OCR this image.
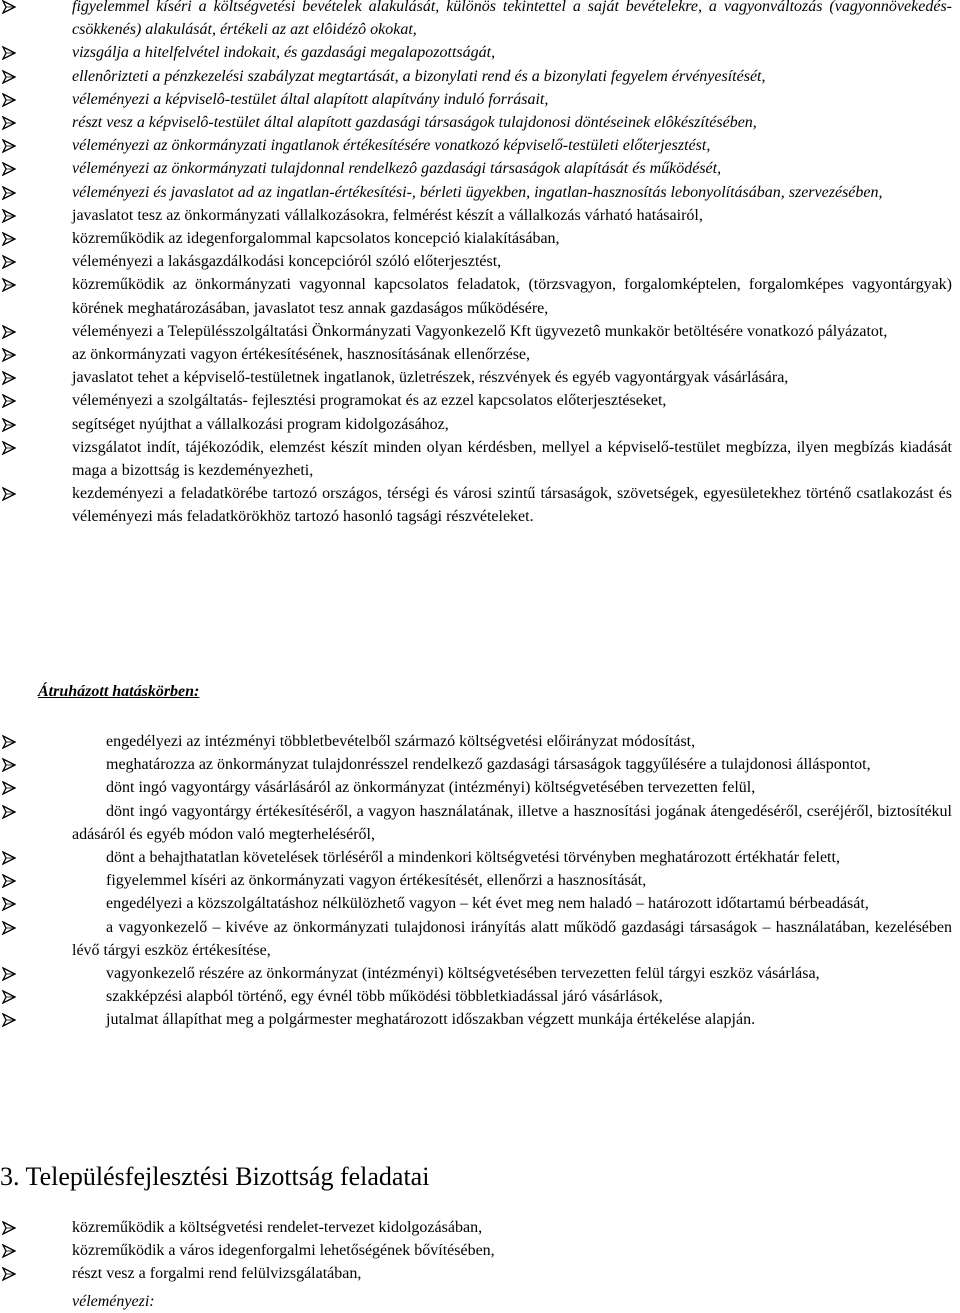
figyelemmel kíséri a költségvetési bevételek alakulását, különös tekintettel a saját bevételekre, a vagyonváltozás (vagyonnövekedés-csökkenés) alakulását, értékeli az azt elôidézô okokat,
vizsgálja a hitelfelvétel indokait, és gazdasági megalapozottságát,
ellenôrizteti a pénzkezelési szabályzat megtartását, a bizonylati rend és a bizonylati fegyelem érvényesítését,
véleményezi a képviselô-testület által alapított alapítvány induló forrásait,
részt vesz a képviselô-testület által alapított gazdasági társaságok tulajdonosi döntéseinek elôkészítésében,
véleményezi az önkormányzati ingatlanok értékesítésére vonatkozó képviselő-testületi előterjesztést,
véleményezi az önkormányzati tulajdonnal rendelkezô gazdasági társaságok alapítását és működését,
véleményezi és javaslatot ad az ingatlan-értékesítési-, bérleti ügyekben, ingatlan-hasznosítás lebonyolításában, szervezésében,
javaslatot tesz az önkormányzati vállalkozásokra, felmérést készít a vállalkozás várható hatásairól,
közreműködik az idegenforgalommal kapcsolatos koncepció kialakításában,
véleményezi a lakásgazdálkodási koncepcióról szóló előterjesztést,
közreműködik az önkormányzati vagyonnal kapcsolatos feladatok, (törzsvagyon, forgalomképtelen, forgalomképes vagyontárgyak) körének meghatározásában, javaslatot tesz annak gazdaságos működésére,
véleményezi a Településszolgáltatási Önkormányzati Vagyonkezelő Kft ügyvezetô munkakör betöltésére vonatkozó pályázatot,
az önkormányzati vagyon értékesítésének, hasznosításának ellenőrzése,
javaslatot tehet a képviselő-testületnek ingatlanok, üzletrészek, részvények és egyéb vagyontárgyak vásárlására,
véleményezi a szolgáltatás- fejlesztési programokat és az ezzel kapcsolatos előterjesztéseket,
segítséget nyújthat a vállalkozási program kidolgozásához,
vizsgálatot indít, tájékozódik, elemzést készít minden olyan kérdésben, mellyel a képviselő-testület megbízza, ilyen megbízás kiadását maga a bizottság is kezdeményezheti,
kezdeményezi a feladatkörébe tartozó országos, térségi és városi szintű társaságok, szövetségek, egyesületekhez történő csatlakozást és véleményezi más feladatkörökhöz tartozó hasonló tagsági részvételeket.
Átruházott hatáskörben:
engedélyezi az intézményi többletbevételből származó költségvetési előirányzat módosítást,
meghatározza az önkormányzat tulajdonrésszel rendelkező gazdasági társaságok taggyűlésére a tulajdonosi álláspontot,
dönt ingó vagyontárgy vásárlásáról az önkormányzat (intézményi) költségvetésében tervezetten felül,
dönt ingó vagyontárgy értékesítéséről, a vagyon használatának, illetve a hasznosítási jogának átengedéséről, cseréjéről, biztosítékul adásáról és egyéb módon való megterheléséről,
dönt a behajthatatlan követelések törléséről a mindenkori költségvetési törvényben meghatározott értékhatár felett,
figyelemmel kíséri az önkormányzati vagyon értékesítését, ellenőrzi a hasznosítását,
engedélyezi a közszolgáltatáshoz nélkülözhető vagyon – két évet meg nem haladó – határozott időtartamú bérbeadását,
a vagyonkezelő – kivéve az önkormányzati tulajdonosi irányítás alatt működő gazdasági társaságok – használatában, kezelésében lévő tárgyi eszköz értékesítése,
vagyonkezelő részére az önkormányzat (intézményi) költségvetésében tervezetten felül tárgyi eszköz vásárlása,
szakképzési alapból történő, egy évnél több működési többletkiadással járó vásárlások,
jutalmat állapíthat meg a polgármester meghatározott időszakban végzett munkája értékelése alapján.
3. Településfejlesztési Bizottság feladatai
közreműködik a költségvetési rendelet-tervezet kidolgozásában,
közreműködik a város idegenforgalmi lehetőségének bővítésében,
részt vesz a forgalmi rend felülvizsgálatában,
véleményezi:
